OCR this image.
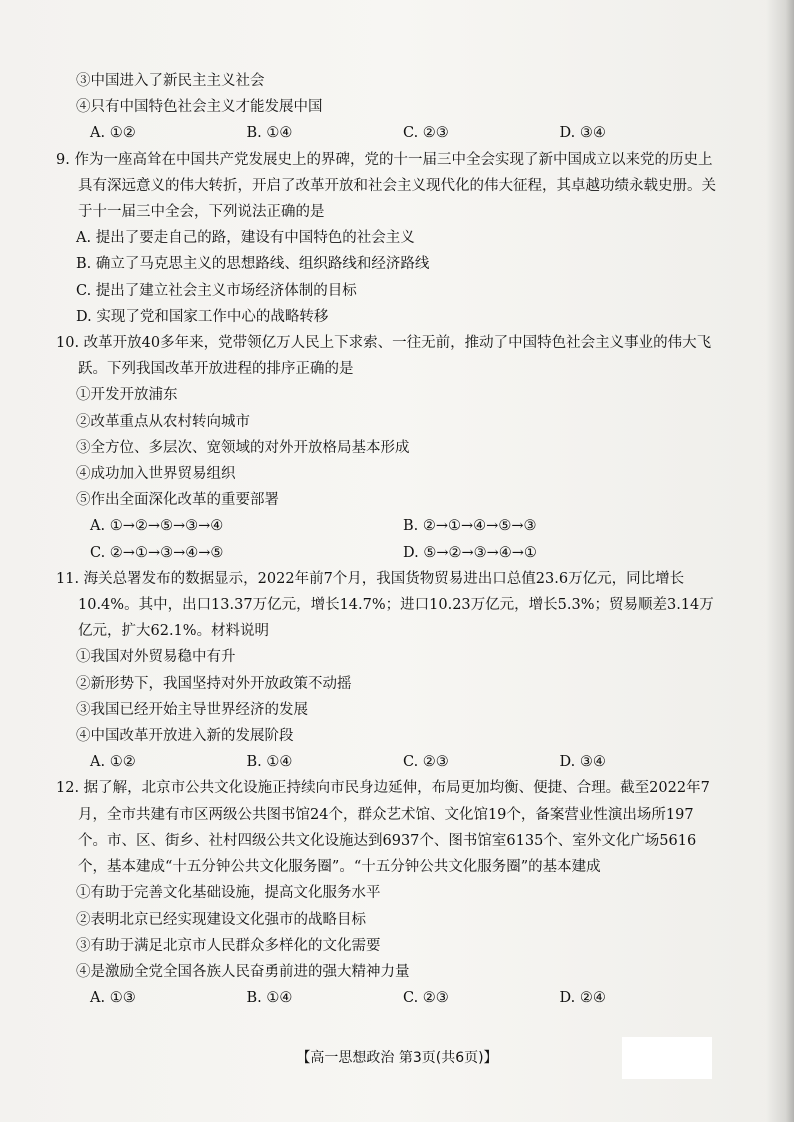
③中国进入了新民主主义社会
④只有中国特色社会主义才能发展中国
A. ①②	B. ①④	C. ②③	D. ③④
9. 作为一座高耸在中国共产党发展史上的界碑，党的十一届三中全会实现了新中国成立以来党的历史上具有深远意义的伟大转折，开启了改革开放和社会主义现代化的伟大征程，其卓越功绩永载史册。关于十一届三中全会，下列说法正确的是
A. 提出了要走自己的路，建设有中国特色的社会主义
B. 确立了马克思主义的思想路线、组织路线和经济路线
C. 提出了建立社会主义市场经济体制的目标
D. 实现了党和国家工作中心的战略转移
10. 改革开放40多年来，党带领亿万人民上下求索、一往无前，推动了中国特色社会主义事业的伟大飞跃。下列我国改革开放进程的排序正确的是
①开发开放浦东
②改革重点从农村转向城市
③全方位、多层次、宽领域的对外开放格局基本形成
④成功加入世界贸易组织
⑤作出全面深化改革的重要部署
A. ①→②→⑤→③→④	B. ②→①→④→⑤→③
C. ②→①→③→④→⑤	D. ⑤→②→③→④→①
11. 海关总署发布的数据显示，2022年前7个月，我国货物贸易进出口总值23.6万亿元，同比增长10.4%。其中，出口13.37万亿元，增长14.7%；进口10.23万亿元，增长5.3%；贸易顺差3.14万亿元，扩大62.1%。材料说明
①我国对外贸易稳中有升
②新形势下，我国坚持对外开放政策不动摇
③我国已经开始主导世界经济的发展
④中国改革开放进入新的发展阶段
A. ①②	B. ①④	C. ②③	D. ③④
12. 据了解，北京市公共文化设施正持续向市民身边延伸，布局更加均衡、便捷、合理。截至2022年7月，全市共建有市区两级公共图书馆24个，群众艺术馆、文化馆19个，备案营业性演出场所197个。市、区、街乡、社村四级公共文化设施达到6937个、图书馆室6135个、室外文化广场5616个，基本建成“十五分钟公共文化服务圈”。“十五分钟公共文化服务圈”的基本建成
①有助于完善文化基础设施，提高文化服务水平
②表明北京已经实现建设文化强市的战略目标
③有助于满足北京市人民群众多样化的文化需要
④是激励全党全国各族人民奋勇前进的强大精神力量
A. ①③	B. ①④	C. ②③	D. ②④
【高一思想政治 第3页(共6页)】
